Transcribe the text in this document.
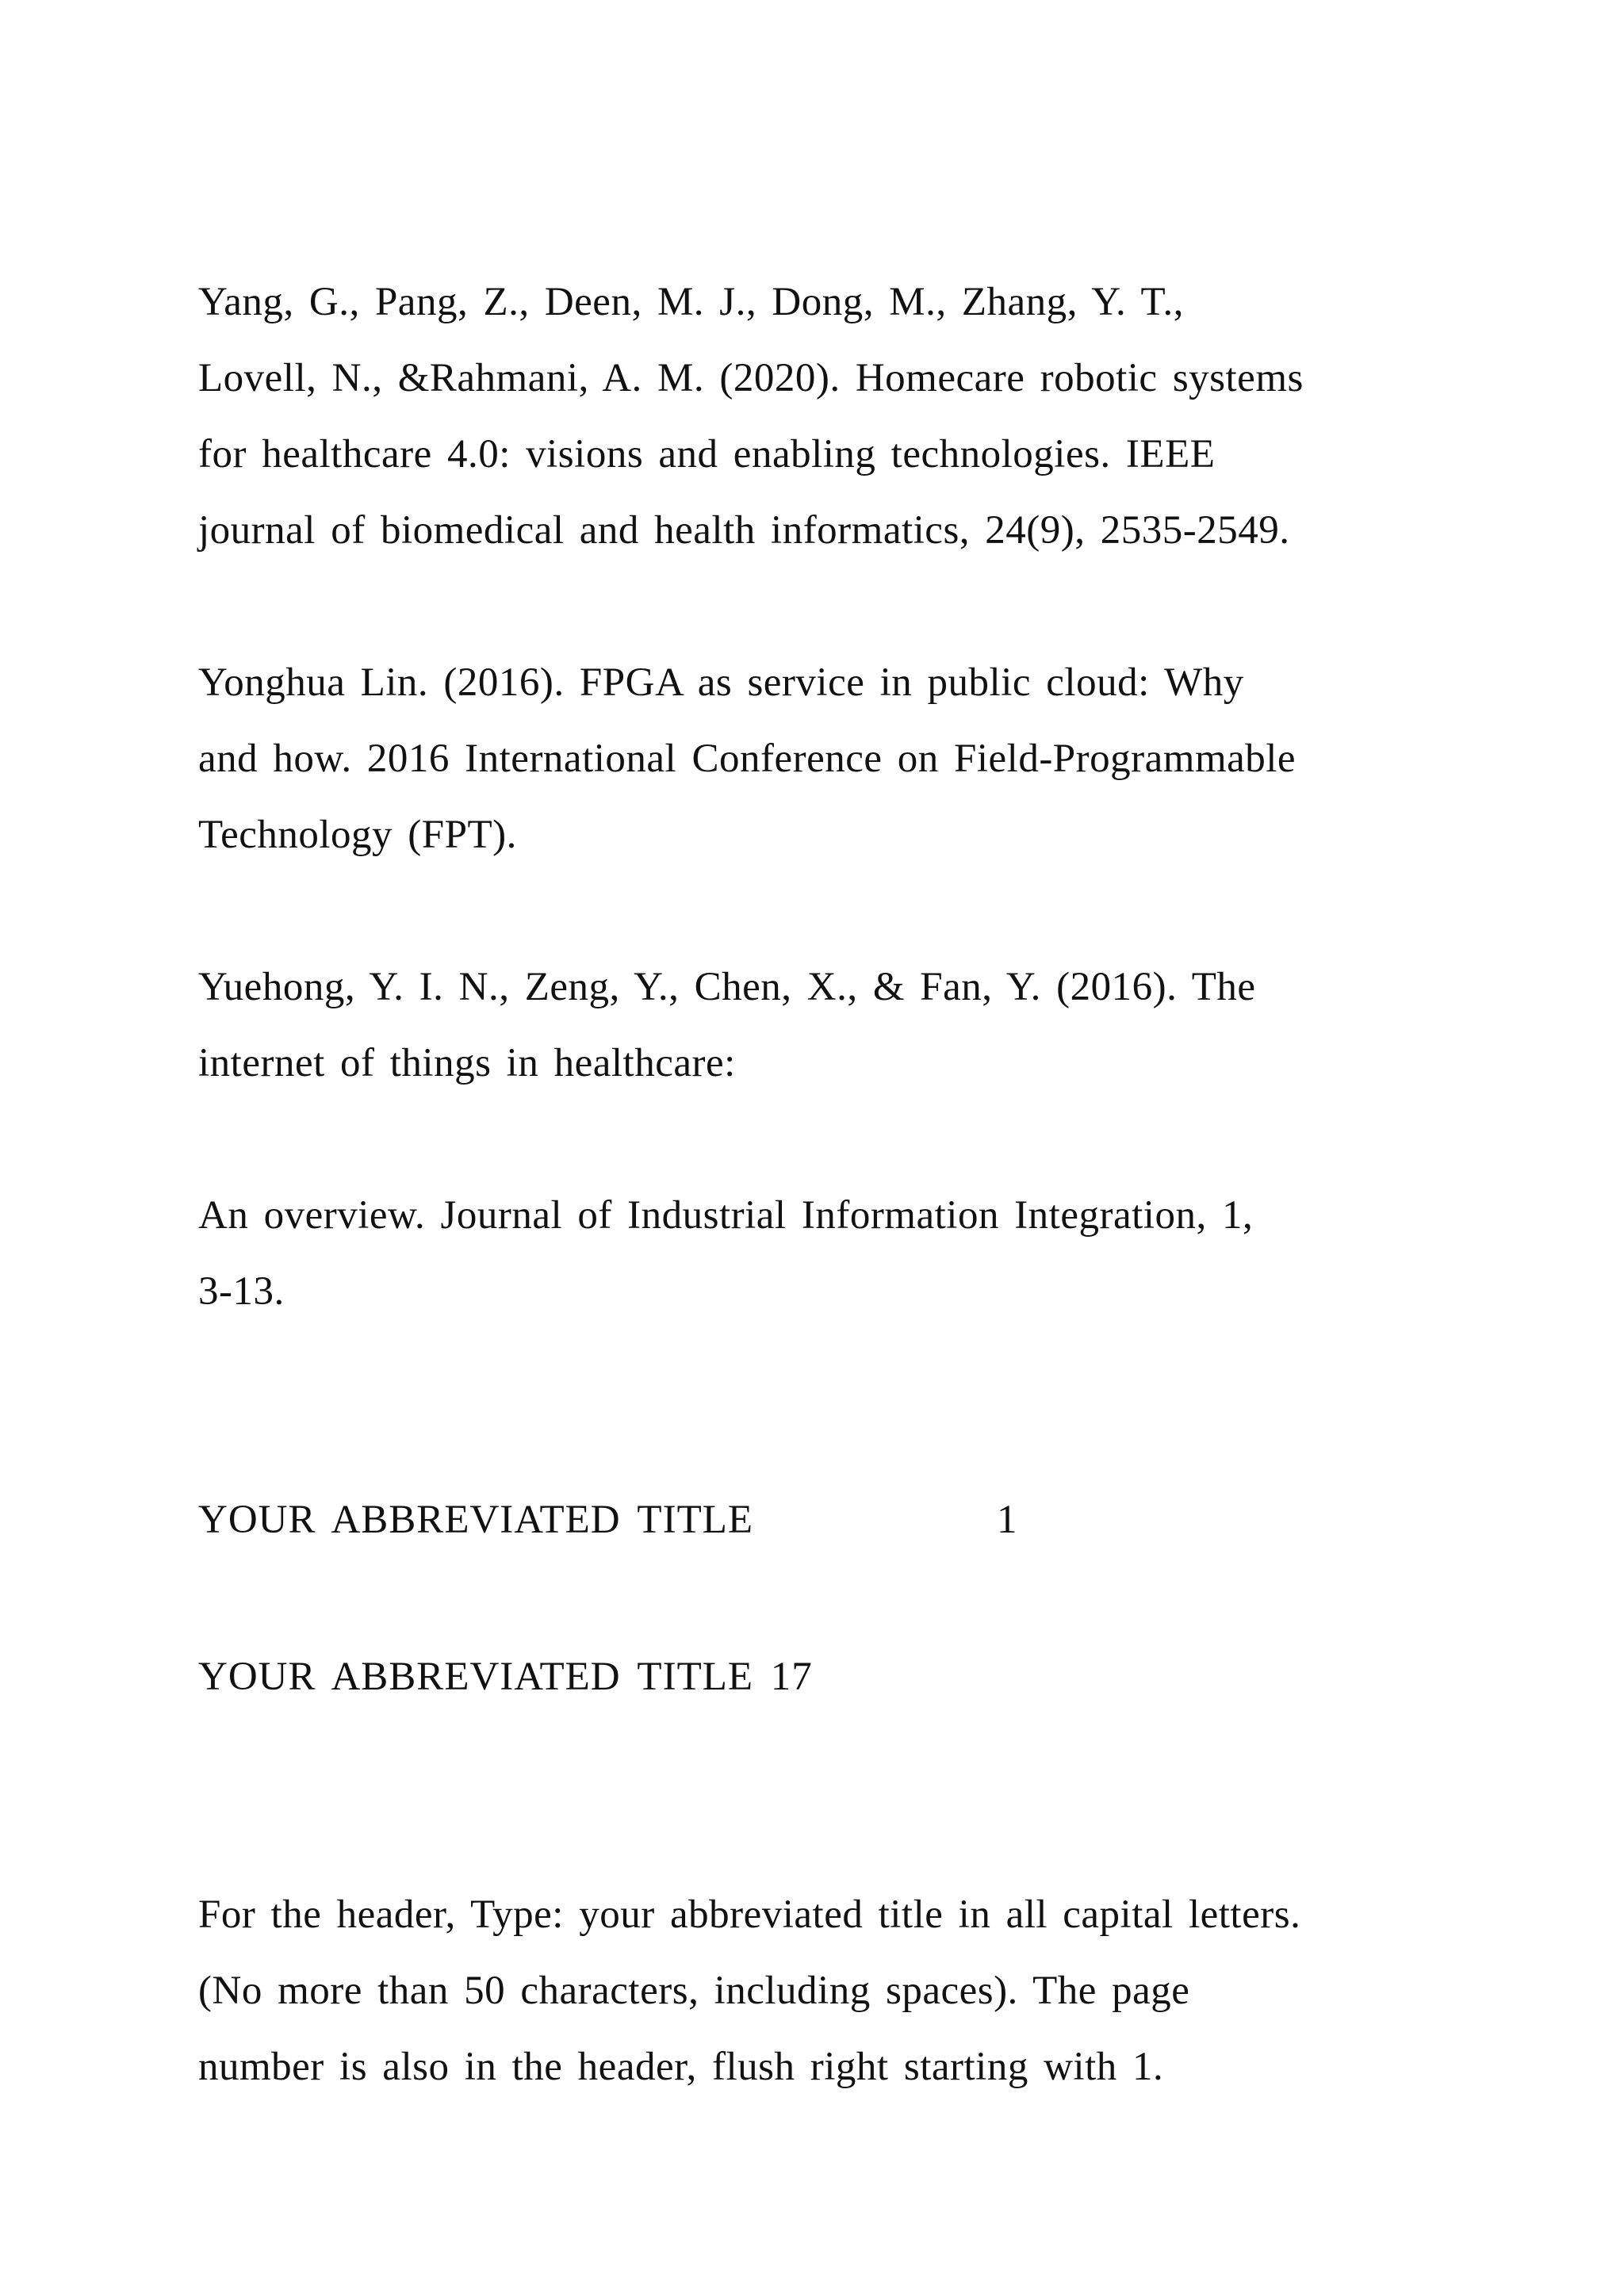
Yang, G., Pang, Z., Deen, M. J., Dong, M., Zhang, Y. T.,
Lovell, N., &Rahmani, A. M. (2020). Homecare robotic systems
for healthcare 4.0: visions and enabling technologies. IEEE
journal of biomedical and health informatics, 24(9), 2535-2549.
Yonghua Lin. (2016). FPGA as service in public cloud: Why
and how. 2016 International Conference on Field-Programmable
Technology (FPT).
Yuehong, Y. I. N., Zeng, Y., Chen, X., & Fan, Y. (2016). The
internet of things in healthcare:
An overview. Journal of Industrial Information Integration, 1,
3-13.
YOUR ABBREVIATED TITLE	1
YOUR ABBREVIATED TITLE 17
For the header, Type: your abbreviated title in all capital letters.
(No more than 50 characters, including spaces). The page
number is also in the header, flush right starting with 1.
